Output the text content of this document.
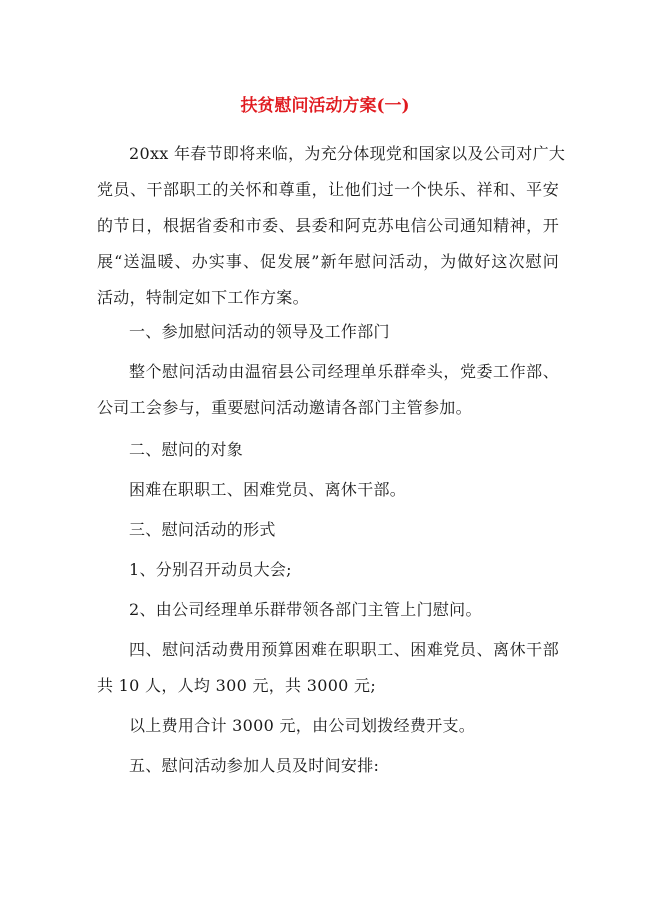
扶贫慰问活动方案(一)
20xx 年春节即将来临，为充分体现党和国家以及公司对广大
党员、干部职工的关怀和尊重，让他们过一个快乐、祥和、平安
的节日，根据省委和市委、县委和阿克苏电信公司通知精神，开
展“送温暖、办实事、促发展”新年慰问活动，为做好这次慰问
活动，特制定如下工作方案。
一、参加慰问活动的领导及工作部门
整个慰问活动由温宿县公司经理单乐群牵头，党委工作部、
公司工会参与，重要慰问活动邀请各部门主管参加。
二、慰问的对象
困难在职职工、困难党员、离休干部。
三、慰问活动的形式
1、分别召开动员大会;
2、由公司经理单乐群带领各部门主管上门慰问。
四、慰问活动费用预算困难在职职工、困难党员、离休干部
共 10 人，人均 300 元，共 3000 元;
以上费用合计 3000 元，由公司划拨经费开支。
五、慰问活动参加人员及时间安排:
